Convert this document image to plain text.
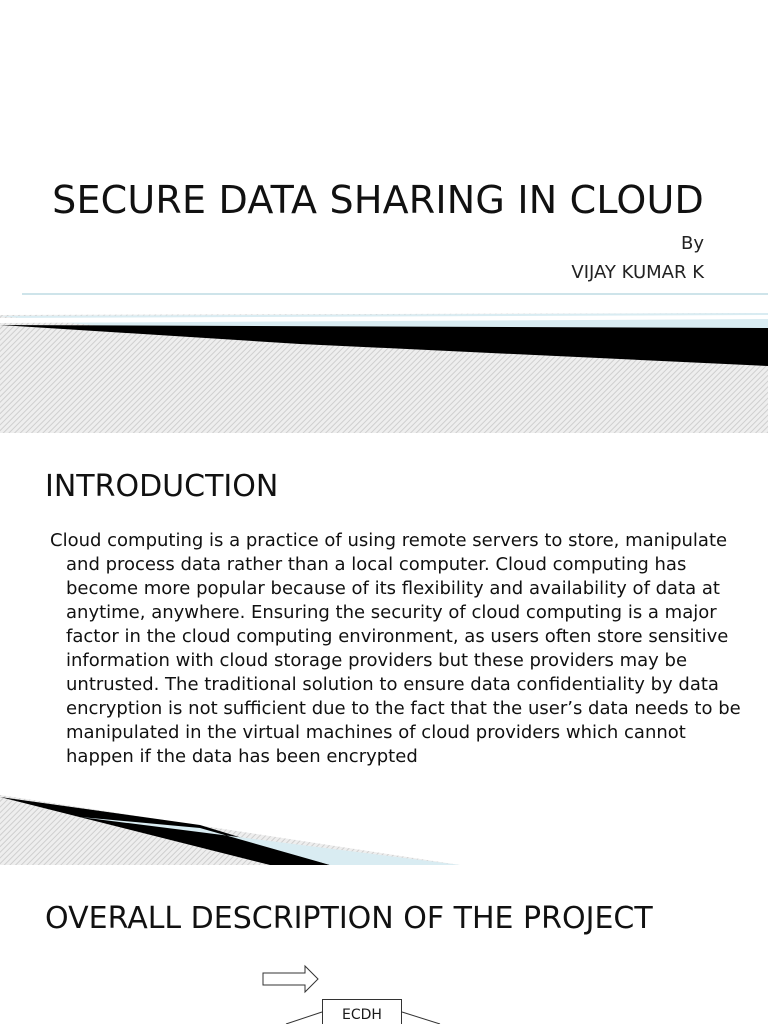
SECURE DATA SHARING IN CLOUD

By

VIJAY KUMAR K

INTRODUCTION

Cloud computing is a practice of using remote servers to store, manipulate and process data rather than a local computer. Cloud computing has become more popular because of its flexibility and availability of data at anytime, anywhere. Ensuring the security of cloud computing is a major factor in the cloud computing environment, as users often store sensitive information with cloud storage providers but these providers may be untrusted. The traditional solution to ensure data confidentiality by data encryption is not sufficient due to the fact that the user’s data needs to be manipulated in the virtual machines of cloud providers which cannot happen if the data has been encrypted

OVERALL DESCRIPTION OF THE PROJECT
ECDH
